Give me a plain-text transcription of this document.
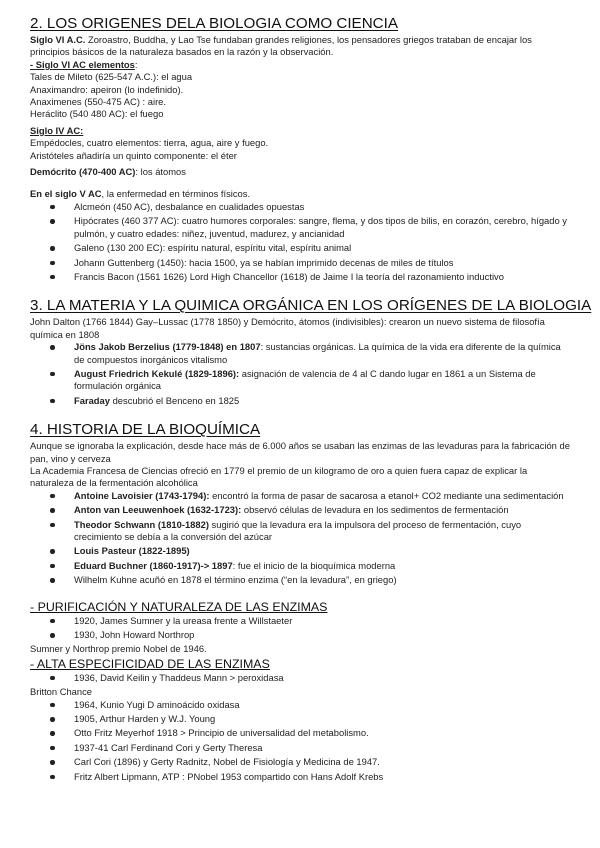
2. LOS ORIGENES DELA BIOLOGIA COMO CIENCIA

Siglo VI A.C. Zoroastro, Buddha, y Lao Tse fundaban grandes religiones, los pensadores griegos trataban de encajar los principios básicos de la naturaleza basados en la razón y la observación.

- Siglo VI AC elementos:

Tales de Mileto (625-547 A.C.): el agua

Anaximandro: apeiron (lo indefinido).

Anaximenes (550-475 AC) : aire.

Heráclito (540 480 AC): el fuego

Siglo IV AC:

Empédocles, cuatro elementos: tierra, agua, aire y fuego.

Aristóteles añadiría un quinto componente: el éter

Demócrito (470-400 AC): los átomos

En el siglo V AC, la enfermedad en términos físicos.

Alcmeón (450 AC), desbalance en cualidades opuestas
Hipócrates (460 377 AC): cuatro humores corporales: sangre, flema, y dos tipos de bilis, en corazón, cerebro, hígado y pulmón, y cuatro edades: niñez, juventud, madurez, y ancianidad
Galeno (130 200 EC): espíritu natural, espíritu vital, espíritu animal
Johann Guttenberg (1450): hacia 1500, ya se habían imprimido decenas de miles de títulos
Francis Bacon (1561 1626) Lord High Chancellor (1618) de Jaime I la teoría del razonamiento inductivo
3. LA MATERIA Y LA QUIMICA ORGÁNICA EN LOS ORÍGENES DE LA BIOLOGIA

John Dalton (1766 1844) Gay–Lussac (1778 1850) y Demócrito, átomos (indivisibles): crearon un nuevo sistema de filosofía química en 1808

Jöns Jakob Berzelius (1779-1848) en 1807: sustancias orgánicas. La química de la vida era diferente de la química de compuestos inorgánicos vitalismo
August Friedrich Kekulé (1829-1896): asignación de valencia de 4 al C dando lugar en 1861 a un Sistema de formulación orgánica
Faraday descubrió el Benceno en 1825
4. HISTORIA DE LA BIOQUÍMICA

Aunque se ignoraba la explicación, desde hace más de 6.000 años se usaban las enzimas de las levaduras para la fabricación de pan, vino y cerveza

La Academia Francesa de Ciencias ofreció en 1779 el premio de un kilogramo de oro a quien fuera capaz de explicar la naturaleza de la fermentación alcohólica

Antoine Lavoisier (1743-1794): encontró la forma de pasar de sacarosa a etanol+ CO2 mediante una sedimentación
Anton van Leeuwenhoek (1632-1723): observó células de levadura en los sedimentos de fermentación
Theodor Schwann (1810-1882) sugirió que la levadura era la impulsora del proceso de fermentación, cuyo crecimiento se debía a la conversión del azúcar
Louis Pasteur (1822-1895)
Eduard Buchner (1860-1917)-> 1897: fue el inicio de la bioquímica moderna
Wilhelm Kuhne acuñó en 1878 el término enzima (“en la levadura”, en griego)
- PURIFICACIÓN Y NATURALEZA DE LAS ENZIMAS
1920, James Sumner y la ureasa frente a Willstaeter
1930, John Howard Northrop

Sumner y Northrop premio Nobel de 1946.

- ALTA ESPECIFICIDAD DE LAS ENZIMAS
1936, David Keilin y Thaddeus Mann > peroxidasa

Britton Chance

1964, Kunio Yugi D aminoácido oxidasa
1905, Arthur Harden y W.J. Young
Otto Fritz Meyerhof 1918 > Principio de universalidad del metabolismo.
1937-41 Carl Ferdinand Cori y Gerty Theresa
Carl Cori (1896) y Gerty Radnitz, Nobel de Fisiología y Medicina de 1947.
Fritz Albert Lipmann, ATP : PNobel 1953 compartido con Hans Adolf Krebs
